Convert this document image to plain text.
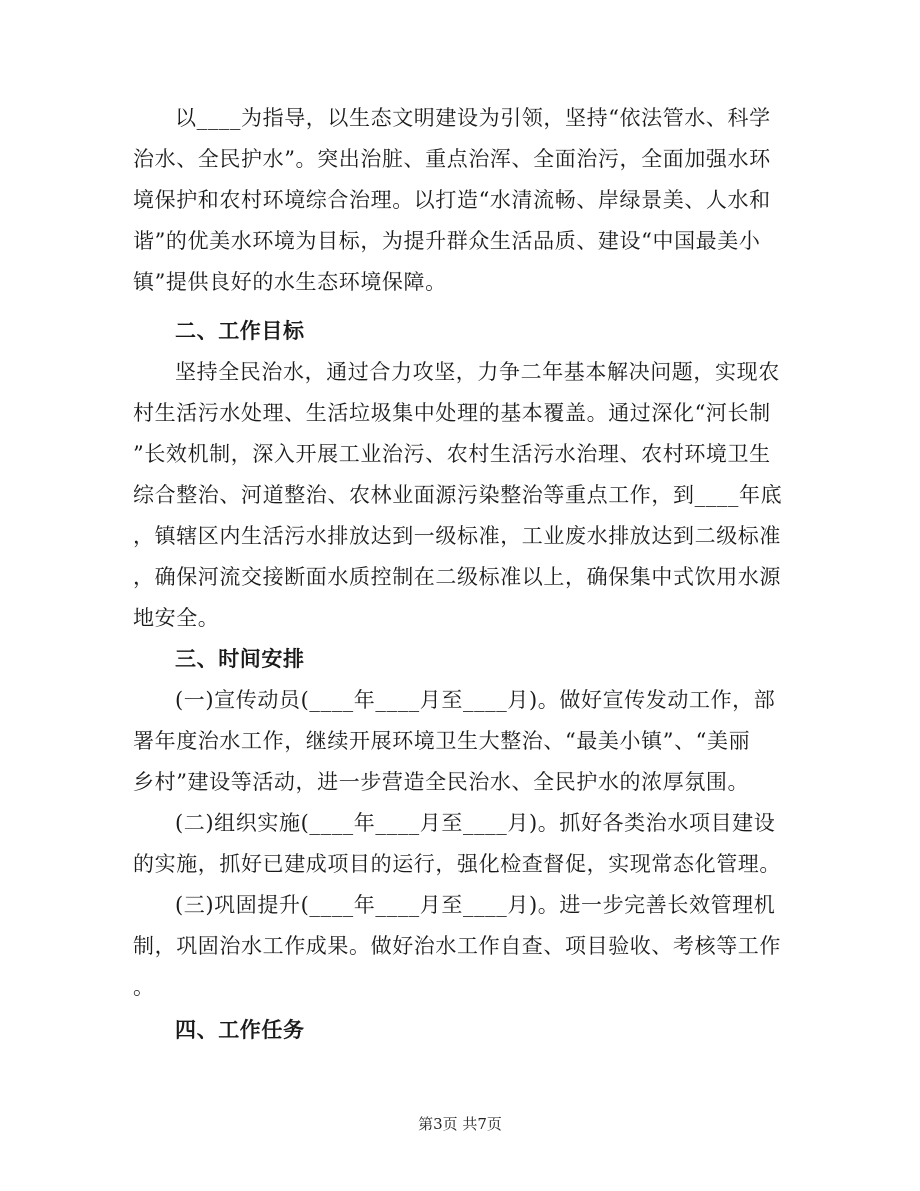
以____为指导，以生态文明建设为引领，坚持“依法管水、科学
治水、全民护水”。突出治脏、重点治浑、全面治污，全面加强水环
境保护和农村环境综合治理。以打造“水清流畅、岸绿景美、人水和
谐”的优美水环境为目标，为提升群众生活品质、建设“中国最美小
镇”提供良好的水生态环境保障。
二、工作目标
坚持全民治水，通过合力攻坚，力争二年基本解决问题，实现农
村生活污水处理、生活垃圾集中处理的基本覆盖。通过深化“河长制
”长效机制，深入开展工业治污、农村生活污水治理、农村环境卫生
综合整治、河道整治、农林业面源污染整治等重点工作，到____年底
，镇辖区内生活污水排放达到一级标准，工业废水排放达到二级标准
，确保河流交接断面水质控制在二级标准以上，确保集中式饮用水源
地安全。
三、时间安排
(一)宣传动员(____年____月至____月)。做好宣传发动工作，部
署年度治水工作，继续开展环境卫生大整治、“最美小镇”、“美丽
乡村”建设等活动，进一步营造全民治水、全民护水的浓厚氛围。
(二)组织实施(____年____月至____月)。抓好各类治水项目建设
的实施，抓好已建成项目的运行，强化检查督促，实现常态化管理。
(三)巩固提升(____年____月至____月)。进一步完善长效管理机
制，巩固治水工作成果。做好治水工作自查、项目验收、考核等工作
。
四、工作任务
第3页 共7页
